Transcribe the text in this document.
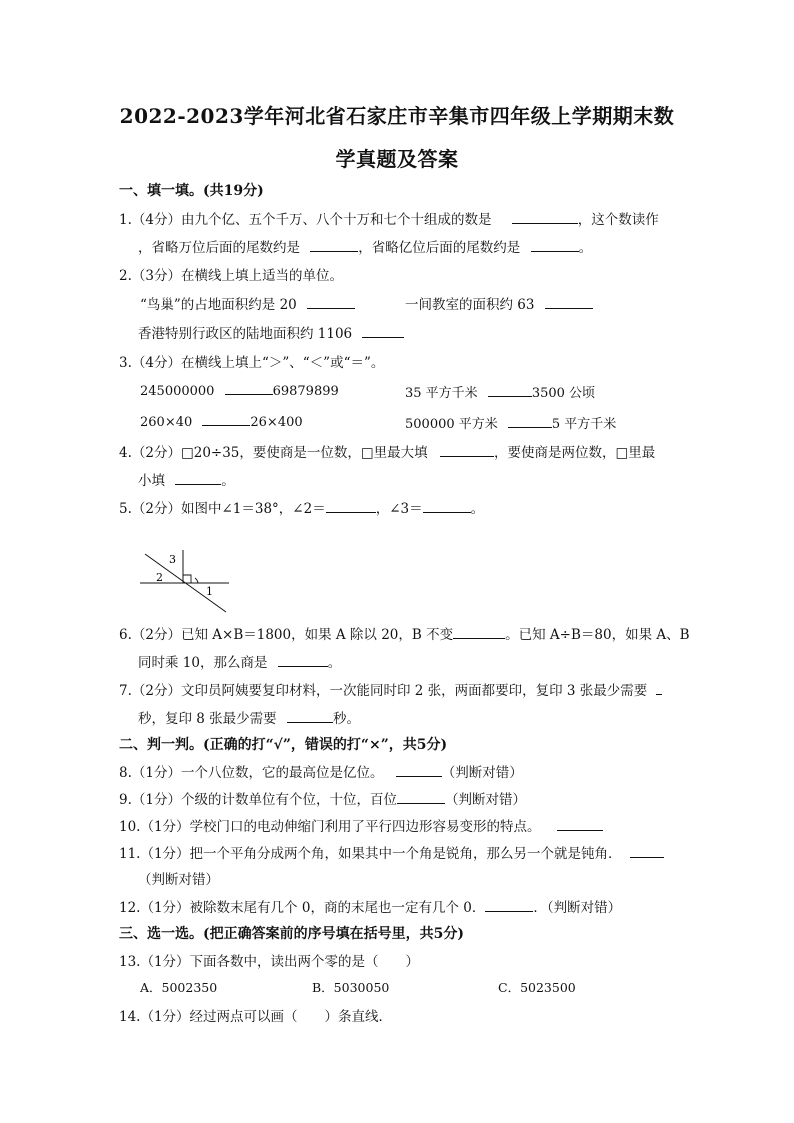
2022-2023学年河北省石家庄市辛集市四年级上学期期末数
学真题及答案
一、填一填。(共19分)
1.（4分）由九个亿、五个千万、八个十万和七个十组成的数是	，这个数读作
，省略万位后面的尾数约是	，省略亿位后面的尾数约是	。
2.（3分）在横线上填上适当的单位。
“鸟巢”的占地面积约是 20	一间教室的面积约 63
香港特别行政区的陆地面积约 1106
3.（4分）在横线上填上“＞”、“＜”或“＝”。
245000000	69879899	35 平方千米	3500 公顷
260×40	26×400	500000 平方米	5 平方千米
4.（2分）□20÷35，要使商是一位数，□里最大填	，要使商是两位数，□里最
小填	。
5.（2分）如图中∠1＝38°，∠2＝	，∠3＝	。
3
2
1
6.（2分）已知 A×B＝1800，如果 A 除以 20，B 不变	。已知 A÷B＝80，如果 A、B
同时乘 10，那么商是	。
7.（2分）文印员阿姨要复印材料，一次能同时印 2 张，两面都要印，复印 3 张最少需要
秒，复印 8 张最少需要	秒。
二、判一判。(正确的打“√”，错误的打“×”，共5分)
8.（1分）一个八位数，它的最高位是亿位。	（判断对错）
9.（1分）个级的计数单位有个位，十位，百位	（判断对错）
10.（1分）学校门口的电动伸缩门利用了平行四边形容易变形的特点。
11.（1分）把一个平角分成两个角，如果其中一个角是锐角，那么另一个就是钝角．
（判断对错）
12.（1分）被除数末尾有几个 0，商的末尾也一定有几个 0．	．（判断对错）
三、选一选。(把正确答案前的序号填在括号里，共5分)
13.（1分）下面各数中，读出两个零的是（　　）
A．5002350	B．5030050	C．5023500
14.（1分）经过两点可以画（　　）条直线．
